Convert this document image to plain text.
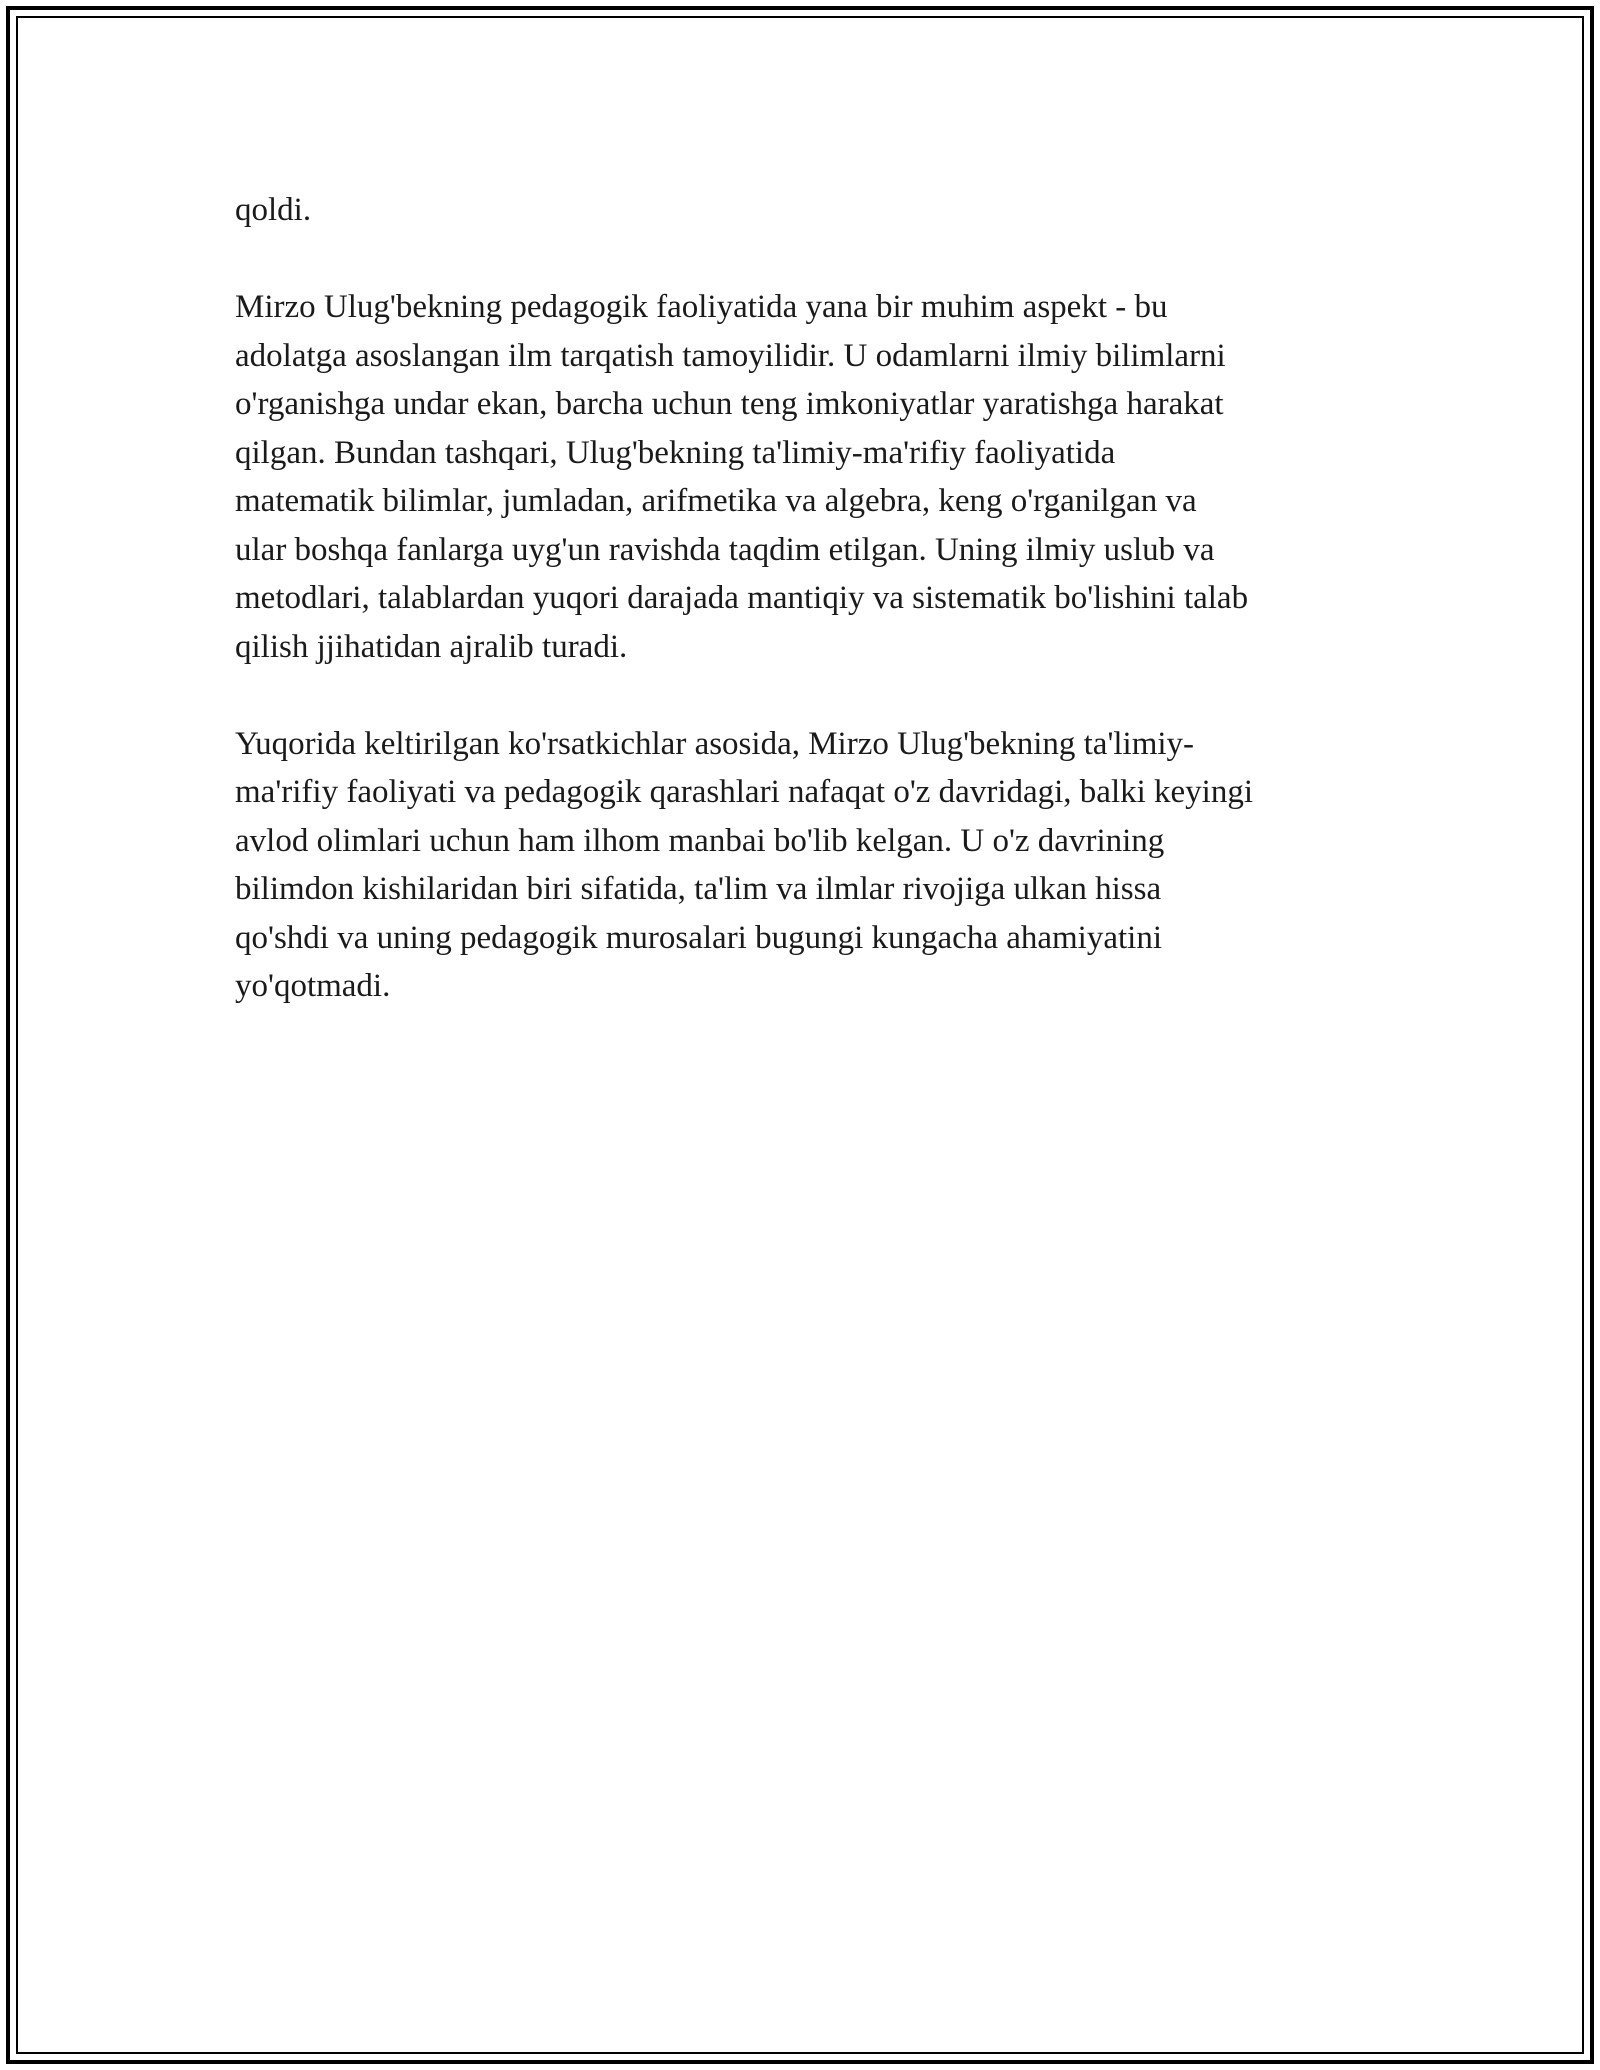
qoldi.

Mirzo Ulug'bekning pedagogik faoliyatida yana bir muhim aspekt - bu
adolatga asoslangan ilm tarqatish tamoyilidir. U odamlarni ilmiy bilimlarni
o'rganishga undar ekan, barcha uchun teng imkoniyatlar yaratishga harakat
qilgan. Bundan tashqari, Ulug'bekning ta'limiy-ma'rifiy faoliyatida
matematik bilimlar, jumladan, arifmetika va algebra, keng o'rganilgan va
ular boshqa fanlarga uyg'un ravishda taqdim etilgan. Uning ilmiy uslub va
metodlari, talablardan yuqori darajada mantiqiy va sistematik bo'lishini talab
qilish jjihatidan ajralib turadi.

Yuqorida keltirilgan ko'rsatkichlar asosida, Mirzo Ulug'bekning ta'limiy-
ma'rifiy faoliyati va pedagogik qarashlari nafaqat o'z davridagi, balki keyingi
avlod olimlari uchun ham ilhom manbai bo'lib kelgan. U o'z davrining
bilimdon kishilaridan biri sifatida, ta'lim va ilmlar rivojiga ulkan hissa
qo'shdi va uning pedagogik murosalari bugungi kungacha ahamiyatini
yo'qotmadi.
